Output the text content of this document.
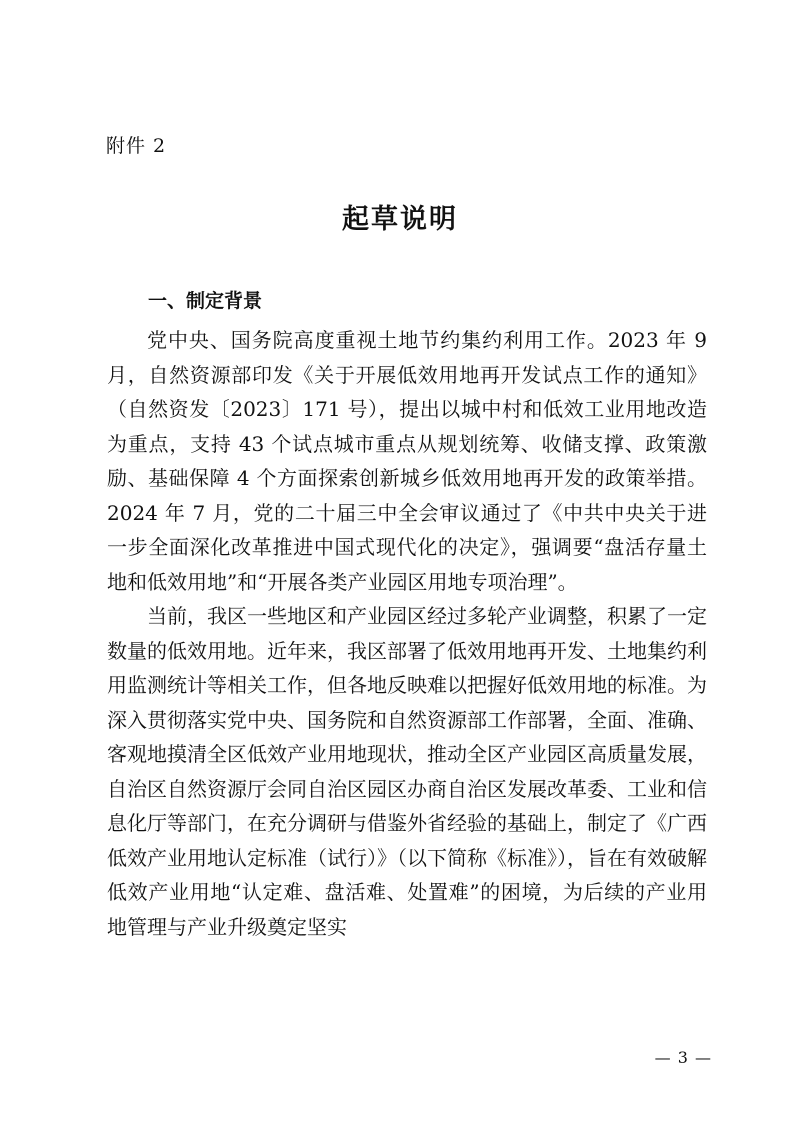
附件 2
起草说明
一、制定背景

党中央、国务院高度重视土地节约集约利用工作。2023 年 9 月，自然资源部印发《关于开展低效用地再开发试点工作的通知》（自然资发〔2023〕171 号），提出以城中村和低效工业用地改造为重点，支持 43 个试点城市重点从规划统筹、收储支撑、政策激励、基础保障 4 个方面探索创新城乡低效用地再开发的政策举措。2024 年 7 月，党的二十届三中全会审议通过了《中共中央关于进一步全面深化改革推进中国式现代化的决定》，强调要“盘活存量土地和低效用地”和“开展各类产业园区用地专项治理”。

当前，我区一些地区和产业园区经过多轮产业调整，积累了一定数量的低效用地。近年来，我区部署了低效用地再开发、土地集约利用监测统计等相关工作，但各地反映难以把握好低效用地的标准。为深入贯彻落实党中央、国务院和自然资源部工作部署，全面、准确、客观地摸清全区低效产业用地现状，推动全区产业园区高质量发展，自治区自然资源厅会同自治区园区办商自治区发展改革委、工业和信息化厅等部门，在充分调研与借鉴外省经验的基础上，制定了《广西低效产业用地认定标准（试行）》（以下简称《标准》），旨在有效破解低效产业用地“认定难、盘活难、处置难”的困境，为后续的产业用地管理与产业升级奠定坚实

— 3 —
